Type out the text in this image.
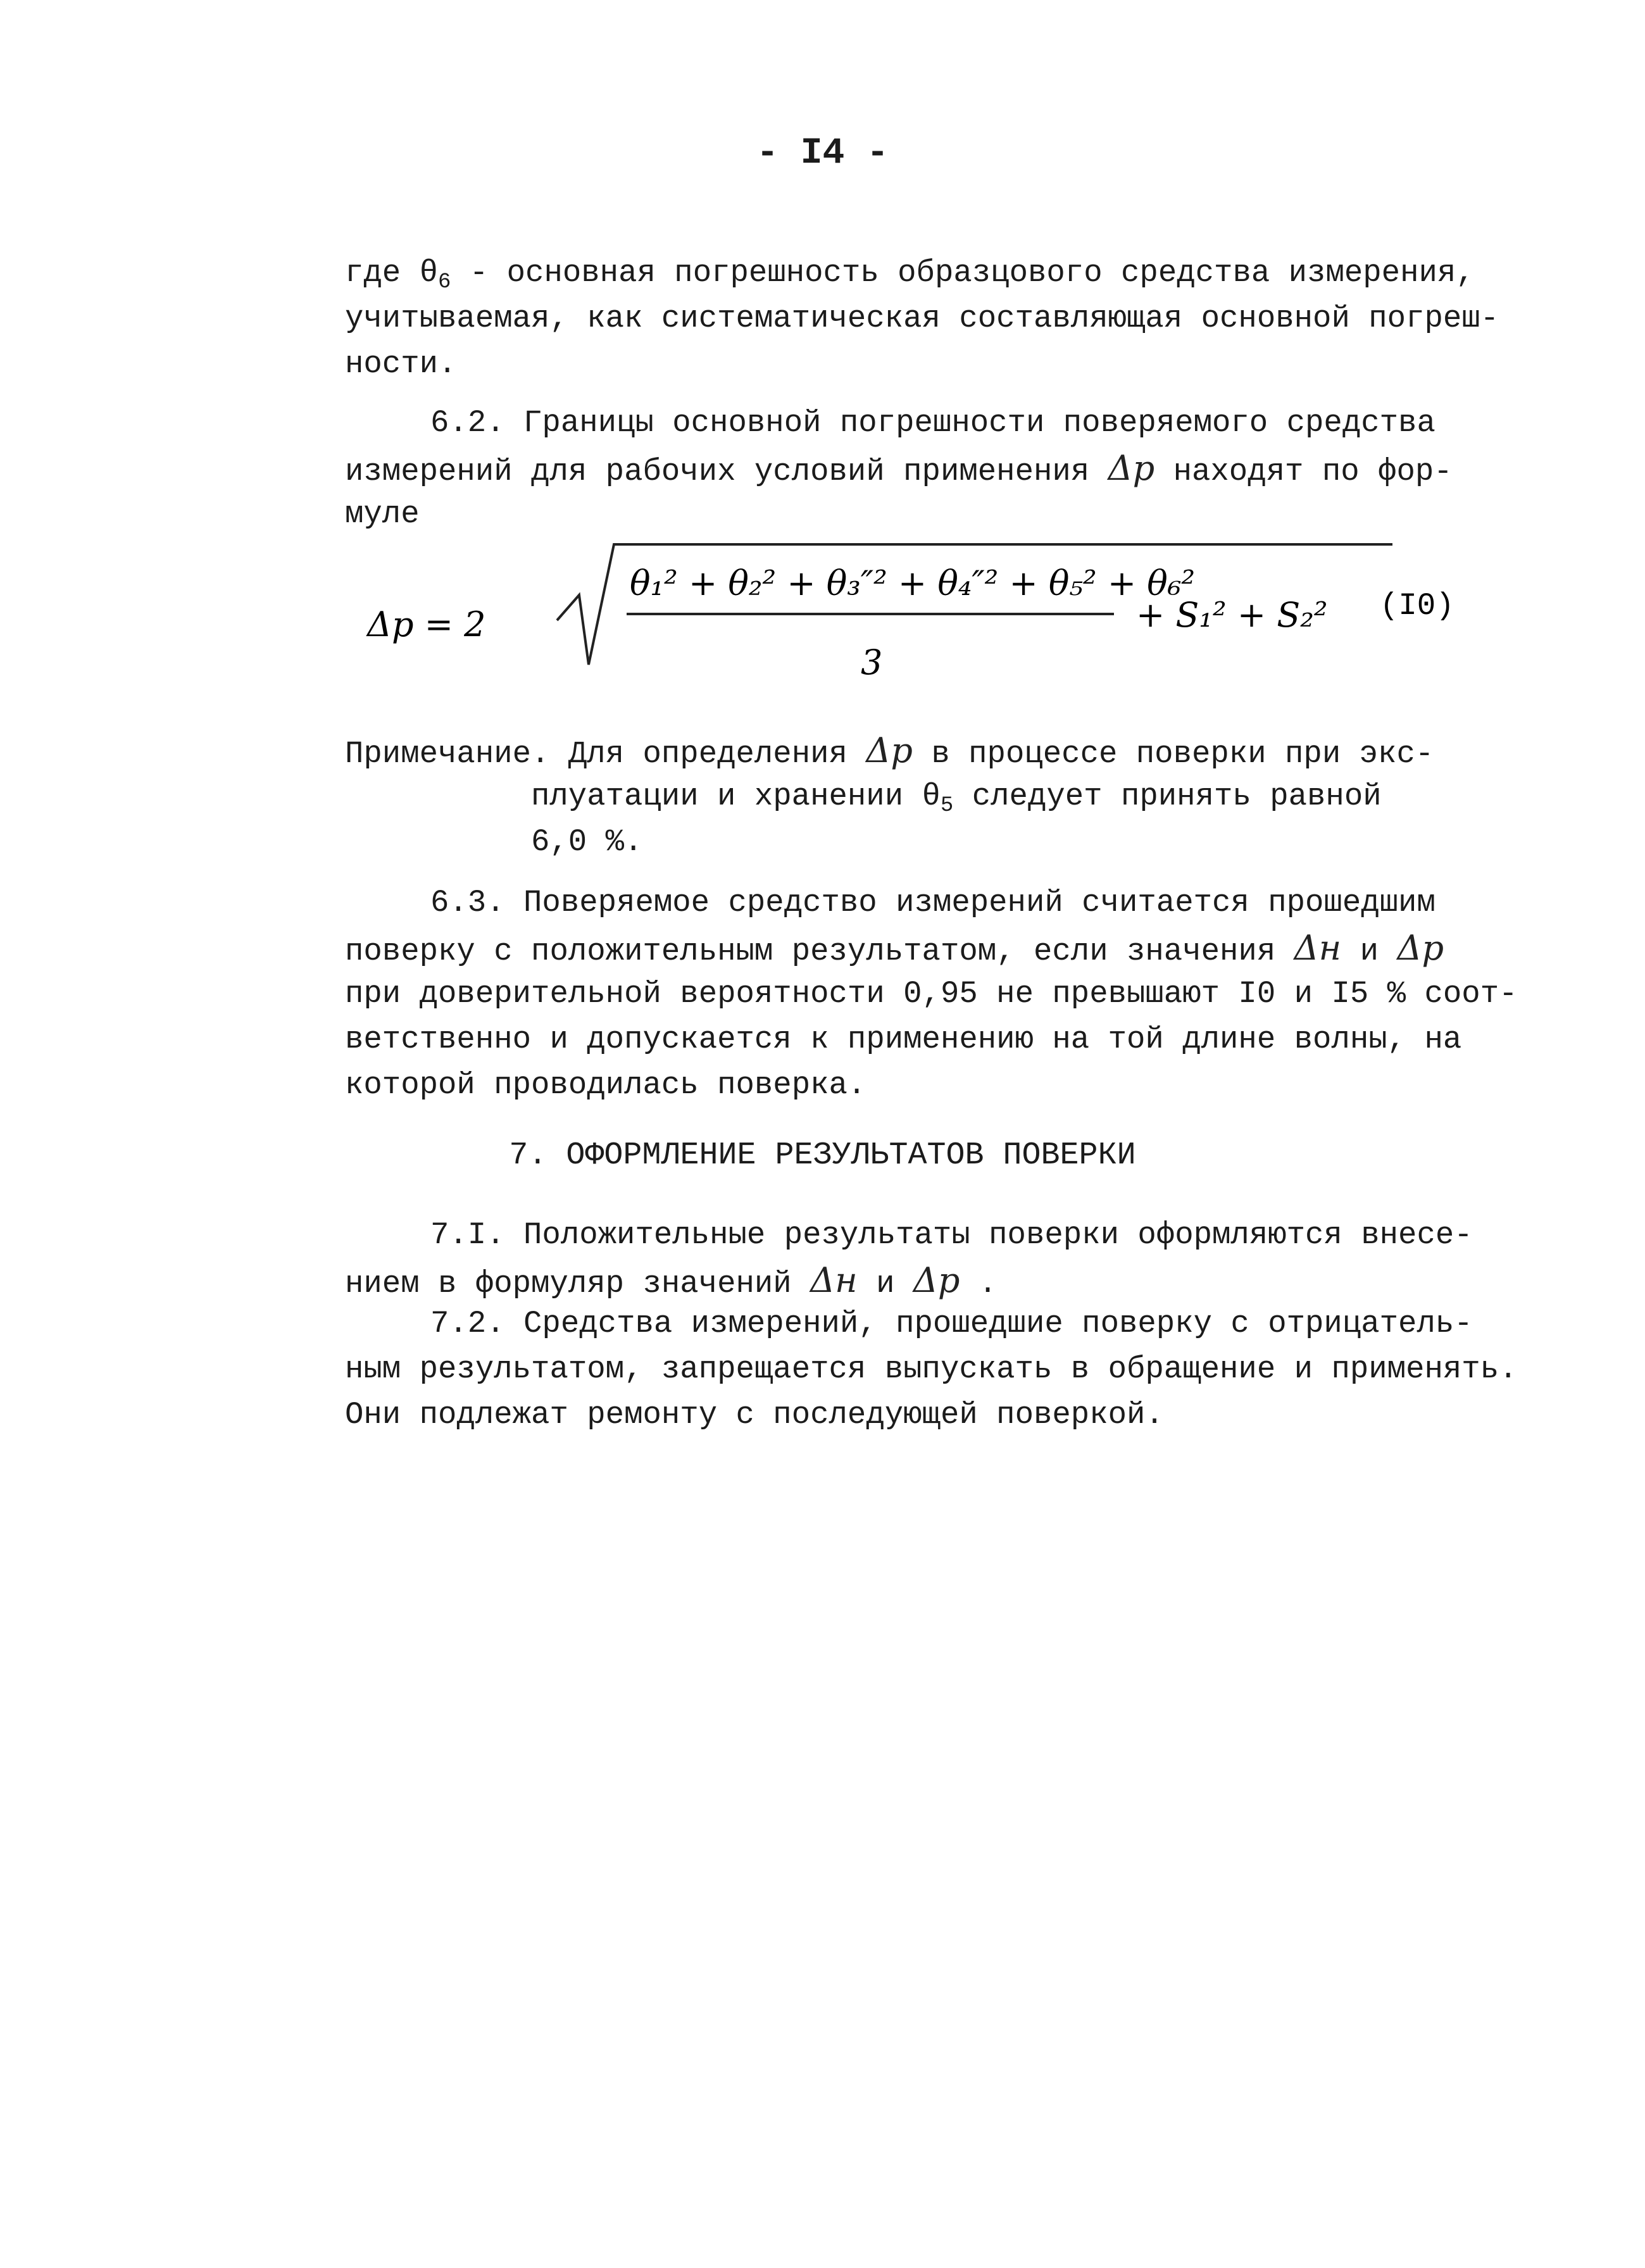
- I4 -
где $\theta_6$ - основная погрешность образцового средства измерения,
учитываемая, как систематическая составляющая основной погреш-
ности.
6.2. Границы основной погрешности поверяемого средства
измерений для рабочих условий применения Δp находят по фор-
муле
Δp = 2
θ₁² + θ₂² + θ₃″² + θ₄″² + θ₅² + θ₆²
3
+ S₁² + S₂² (I0)
Примечание. Для определения Δp в процессе поверки при экс-
плуатации и хранении $\theta_5$ следует принять равной
6,0 %.
6.3. Поверяемое средство измерений считается прошедшим
поверку с положительным результатом, если значения Δн и Δp
при доверительной вероятности 0,95 не превышают I0 и I5 % соот-
ветственно и допускается к применению на той длине волны, на
которой проводилась поверка.
7. ОФОРМЛЕНИЕ РЕЗУЛЬТАТОВ ПОВЕРКИ
7.I. Положительные результаты поверки оформляются внесе-
нием в формуляр значений Δн и Δp .
7.2. Средства измерений, прошедшие поверку с отрицатель-
ным результатом, запрещается выпускать в обращение и применять.
Они подлежат ремонту с последующей поверкой.
